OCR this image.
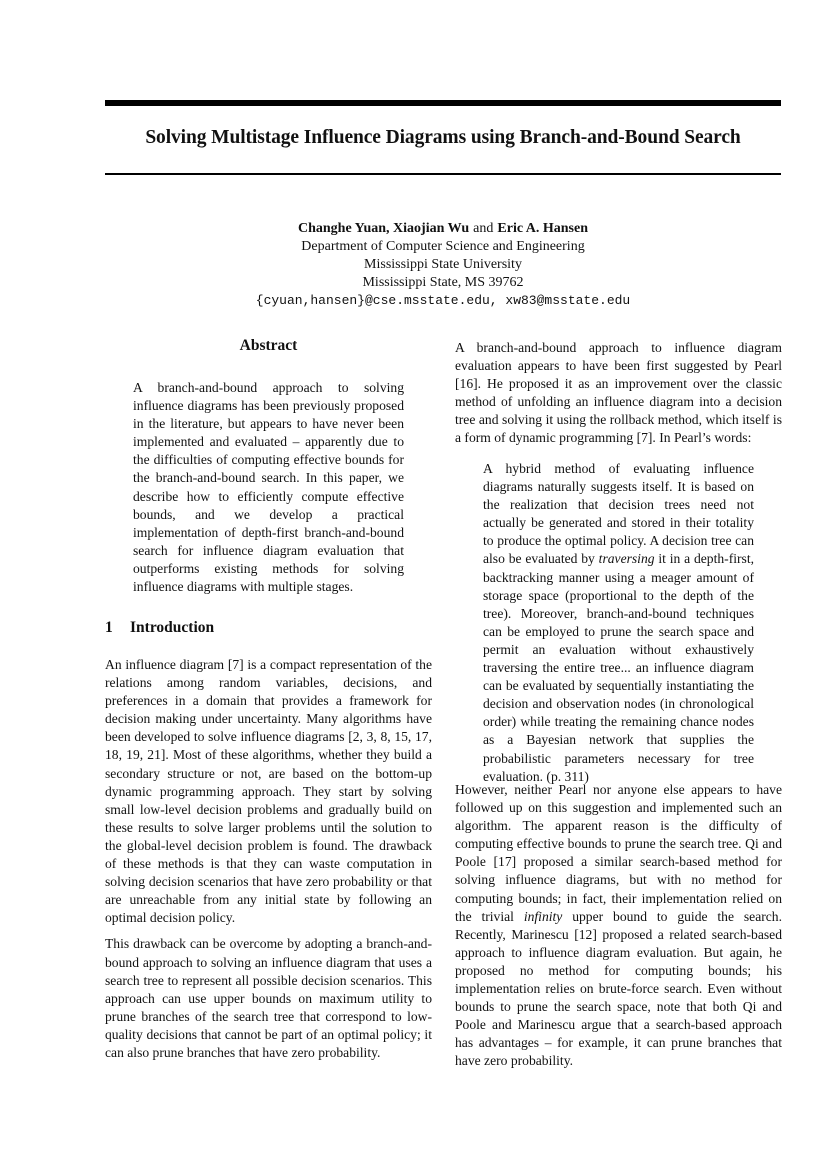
Solving Multistage Influence Diagrams using Branch-and-Bound Search
Changhe Yuan, Xiaojian Wu and Eric A. Hansen
Department of Computer Science and Engineering
Mississippi State University
Mississippi State, MS 39762
{cyuan,hansen}@cse.msstate.edu, xw83@msstate.edu
Abstract
A branch-and-bound approach to solving influence diagrams has been previously proposed in the literature, but appears to have never been implemented and evaluated – apparently due to the difficulties of computing effective bounds for the branch-and-bound search. In this paper, we describe how to efficiently compute effective bounds, and we develop a practical implementation of depth-first branch-and-bound search for influence diagram evaluation that outperforms existing methods for solving influence diagrams with multiple stages.
1 Introduction

An influence diagram [7] is a compact representation of the relations among random variables, decisions, and preferences in a domain that provides a framework for decision making under uncertainty. Many algorithms have been developed to solve influence diagrams [2, 3, 8, 15, 17, 18, 19, 21]. Most of these algorithms, whether they build a secondary structure or not, are based on the bottom-up dynamic programming approach. They start by solving small low-level decision problems and gradually build on these results to solve larger problems until the solution to the global-level decision problem is found. The drawback of these methods is that they can waste computation in solving decision scenarios that have zero probability or that are unreachable from any initial state by following an optimal decision policy.

This drawback can be overcome by adopting a branch-and-bound approach to solving an influence diagram that uses a search tree to represent all possible decision scenarios. This approach can use upper bounds on maximum utility to prune branches of the search tree that correspond to low-quality decisions that cannot be part of an optimal policy; it can also prune branches that have zero probability.

A branch-and-bound approach to influence diagram evaluation appears to have been first suggested by Pearl [16]. He proposed it as an improvement over the classic method of unfolding an influence diagram into a decision tree and solving it using the rollback method, which itself is a form of dynamic programming [7]. In Pearl’s words:
A hybrid method of evaluating influence diagrams naturally suggests itself. It is based on the realization that decision trees need not actually be generated and stored in their totality to produce the optimal policy. A decision tree can also be evaluated by traversing it in a depth-first, backtracking manner using a meager amount of storage space (proportional to the depth of the tree). Moreover, branch-and-bound techniques can be employed to prune the search space and permit an evaluation without exhaustively traversing the entire tree... an influence diagram can be evaluated by sequentially instantiating the decision and observation nodes (in chronological order) while treating the remaining chance nodes as a Bayesian network that supplies the probabilistic parameters necessary for tree evaluation. (p. 311)
However, neither Pearl nor anyone else appears to have followed up on this suggestion and implemented such an algorithm. The apparent reason is the difficulty of computing effective bounds to prune the search tree. Qi and Poole [17] proposed a similar search-based method for solving influence diagrams, but with no method for computing bounds; in fact, their implementation relied on the trivial infinity upper bound to guide the search. Recently, Marinescu [12] proposed a related search-based approach to influence diagram evaluation. But again, he proposed no method for computing bounds; his implementation relies on brute-force search. Even without bounds to prune the search space, note that both Qi and Poole and Marinescu argue that a search-based approach has advantages – for example, it can prune branches that have zero probability.
